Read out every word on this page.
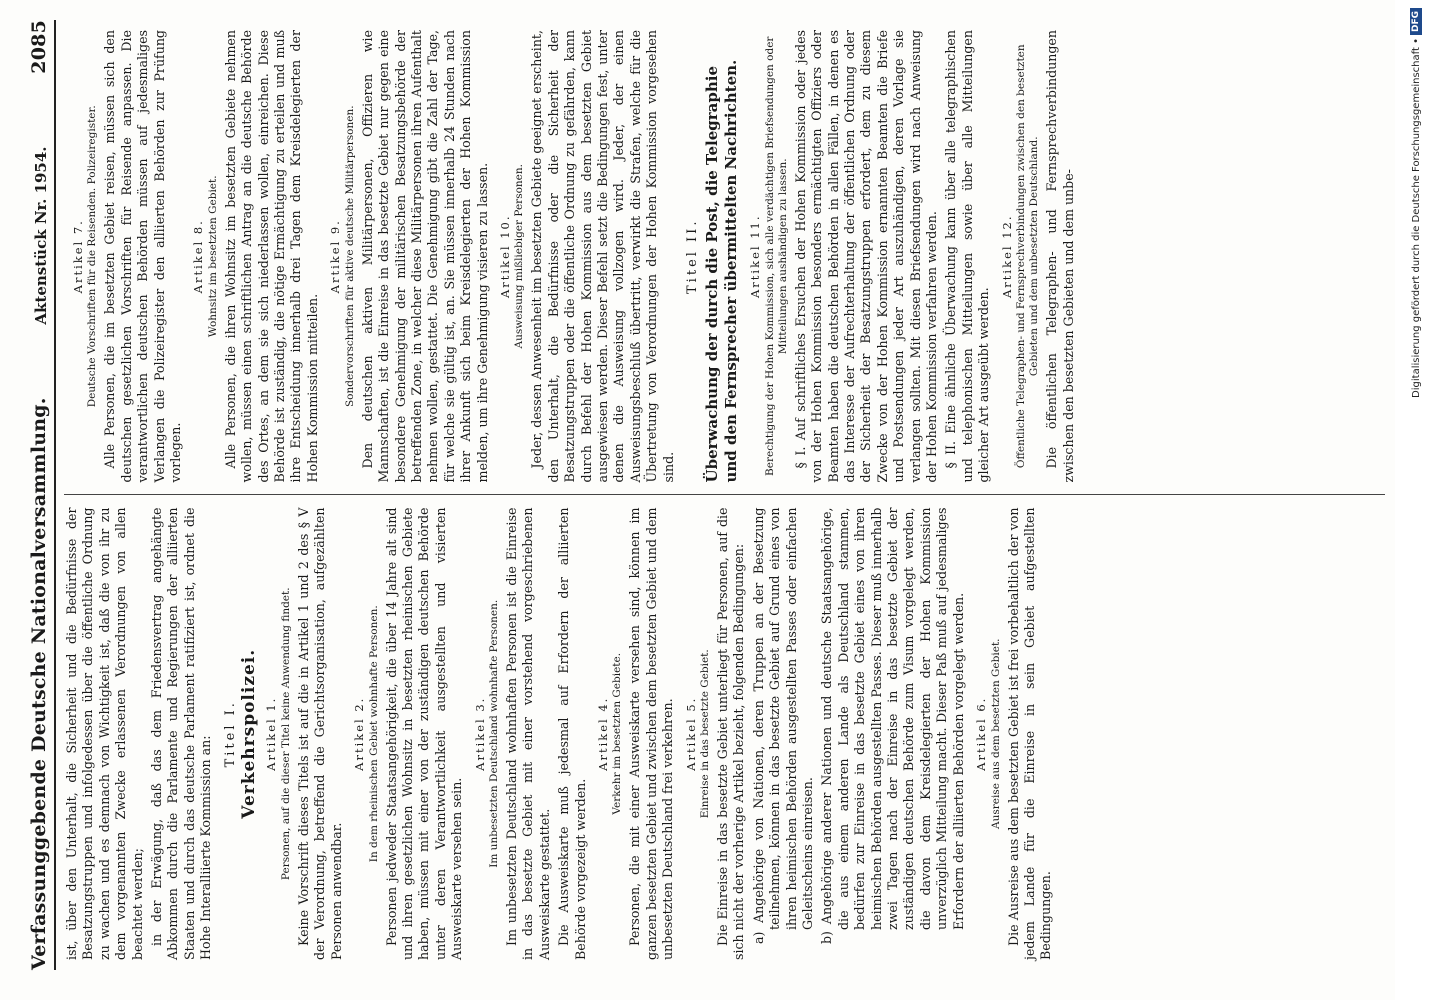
Verfassunggebende Deutsche Nationalversammlung.
Aktenstück Nr. 1954.
2085

ist, über den Unterhalt, die Sicherheit und die Bedürfnisse der Besatzungstruppen und infolgedessen über die öffentliche Ordnung zu wachen und es demnach von Wichtigkeit ist, daß die von ihr zu dem vorgenannten Zwecke erlassenen Verordnungen von allen beachtet werden; in der Erwägung, daß das dem Friedensvertrag angehängte Abkommen durch die Parlamente und Regierungen der alliierten Staaten und durch das deutsche Parlament ratifiziert ist, ordnet die Hohe Interalliierte Kommission an:

Titel I. Verkehrspolizei. Artikel 1. Personen, auf die dieser Titel keine Anwendung findet. Keine Vorschrift dieses Titels ist auf die in Artikel 1 und 2 des § V der Verordnung, betreffend die Gerichtsorganisation, aufgezählten Personen anwendbar.

Artikel 2. In dem rheinischen Gebiet wohnhafte Personen. Personen jedweder Staatsangehörigkeit, die über 14 Jahre alt sind und ihren gesetzlichen Wohnsitz in besetzten rheinischen Gebiete haben, müssen mit einer von der zuständigen deutschen Behörde unter deren Verantwortlichkeit ausgestellten und visierten Ausweiskarte versehen sein.

Artikel 3. Im unbesetzten Deutschland wohnhafte Personen. Im unbesetzten Deutschland wohnhaften Personen ist die Einreise in das besetzte Gebiet mit einer vorstehend vorgeschriebenen Ausweiskarte gestattet. Die Ausweiskarte muß jedesmal auf Erfordern der alliierten Behörde vorgezeigt werden.

Artikel 4. Verkehr im besetzten Gebiete. Personen, die mit einer Ausweiskarte versehen sind, können im ganzen besetzten Gebiet und zwischen dem besetzten Gebiet und dem unbesetzten Deutschland frei verkehren. Artikel 5. Einreise in das besetzte Gebiet. Die Einreise in das besetzte Gebiet unterliegt für Personen, auf die sich nicht der vorherige Artikel bezieht, folgenden Bedingungen: a) Angehörige von Nationen, deren Truppen an der Besetzung teilnehmen, können in das besetzte Gebiet auf Grund eines von ihren heimischen Behörden ausgestellten Passes oder einfachen Geleitscheins einreisen. b) Angehörige anderer Nationen und deutsche Staatsangehörige, die aus einem anderen Lande als Deutschland stammen, bedürfen zur Einreise in das besetzte Gebiet eines von ihren heimischen Behörden ausgestellten Passes. Dieser muß innerhalb zwei Tagen nach der Einreise in das besetzte Gebiet der zuständigen deutschen Behörde zum Visum vorgelegt werden, die davon dem Kreisdelegierten der Hohen Kommission unverzüglich Mitteilung macht. Dieser Paß muß auf jedesmaliges Erfordern der alliierten Behörden vorgelegt werden. Artikel 6. Ausreise aus dem besetzten Gebiet. Die Ausreise aus dem besetzten Gebiet ist frei vorbehaltlich der von jedem Lande für die Einreise in sein Gebiet aufgestellten Bedingungen.

Artikel 7. Deutsche Vorschriften für die Reisenden. Polizeiregister. Alle Personen, die im besetzten Gebiet reisen, müssen sich den deutschen gesetzlichen Vorschriften für Reisende anpassen. Die verantwortlichen deutschen Behörden müssen auf jedesmaliges Verlangen die Polizeiregister den alliierten Behörden zur Prüfung vorlegen.

Artikel 8. Wohnsitz im besetzten Gebiet. Alle Personen, die ihren Wohnsitz im besetzten Gebiete nehmen wollen, müssen einen schriftlichen Antrag an die deutsche Behörde des Ortes, an dem sie sich niederlassen wollen, einreichen. Diese Behörde ist zuständig, die nötige Ermächtigung zu erteilen und muß ihre Entscheidung innerhalb drei Tagen dem Kreisdelegierten der Hohen Kommission mitteilen.

Artikel 9. Sondervorschriften für aktive deutsche Militärpersonen. Den deutschen aktiven Militärpersonen, Offizieren wie Mannschaften, ist die Einreise in das besetzte Gebiet nur gegen eine besondere Genehmigung der militärischen Besatzungsbehörde der betreffenden Zone, in welcher diese Militärpersonen ihren Aufenthalt nehmen wollen, gestattet. Die Genehmigung gibt die Zahl der Tage, für welche sie gültig ist, an. Sie müssen innerhalb 24 Stunden nach ihrer Ankunft sich beim Kreisdelegierten der Hohen Kommission melden, um ihre Genehmigung visieren zu lassen. Artikel 10. Ausweisung mißliebiger Personen. Jeder, dessen Anwesenheit im besetzten Gebiete geeignet erscheint, den Unterhalt, die Bedürfnisse oder die Sicherheit der Besatzungstruppen oder die öffentliche Ordnung zu gefährden, kann durch Befehl der Hohen Kommission aus dem besetzten Gebiet ausgewiesen werden. Dieser Befehl setzt die Bedingungen fest, unter denen die Ausweisung vollzogen wird. Jeder, der einen Ausweisungsbeschluß übertritt, verwirkt die Strafen, welche für die Übertretung von Verordnungen der Hohen Kommission vorgesehen sind.

Titel II. Überwachung der durch die Post, die Telegraphie und den Fernsprecher übermittelten Nachrichten. Artikel 11. Berechtigung der Hohen Kommission, sich alle verdächtigen Briefsendungen oder Mitteilungen aushändigen zu lassen. § I. Auf schriftliches Ersuchen der Hohen Kommission oder jedes von der Hohen Kommission besonders ermächtigten Offiziers oder Beamten haben die deutschen Behörden in allen Fällen, in denen es das Interesse der Aufrechterhaltung der öffentlichen Ordnung oder der Sicherheit der Besatzungstruppen erfordert, dem zu diesem Zwecke von der Hohen Kommission ernannten Beamten die Briefe und Postsendungen jeder Art auszuhändigen, deren Vorlage sie verlangen sollten. Mit diesen Briefsendungen wird nach Anweisung der Hohen Kommission verfahren werden. § II. Eine ähnliche Überwachung kann über alle telegraphischen und telephonischen Mitteilungen sowie über alle Mitteilungen gleicher Art ausgeübt werden.

Artikel 12. Öffentliche Telegraphen- und Fernsprechverbindungen zwischen den besetzten Gebieten und dem unbesetzten Deutschland. Die öffentlichen Telegraphen- und Fernsprechverbindungen zwischen den besetzten Gebieten und dem unbe-	Digitalisierung gefördert durch die Deutsche Forschungsgemeinschaft •
DFG
